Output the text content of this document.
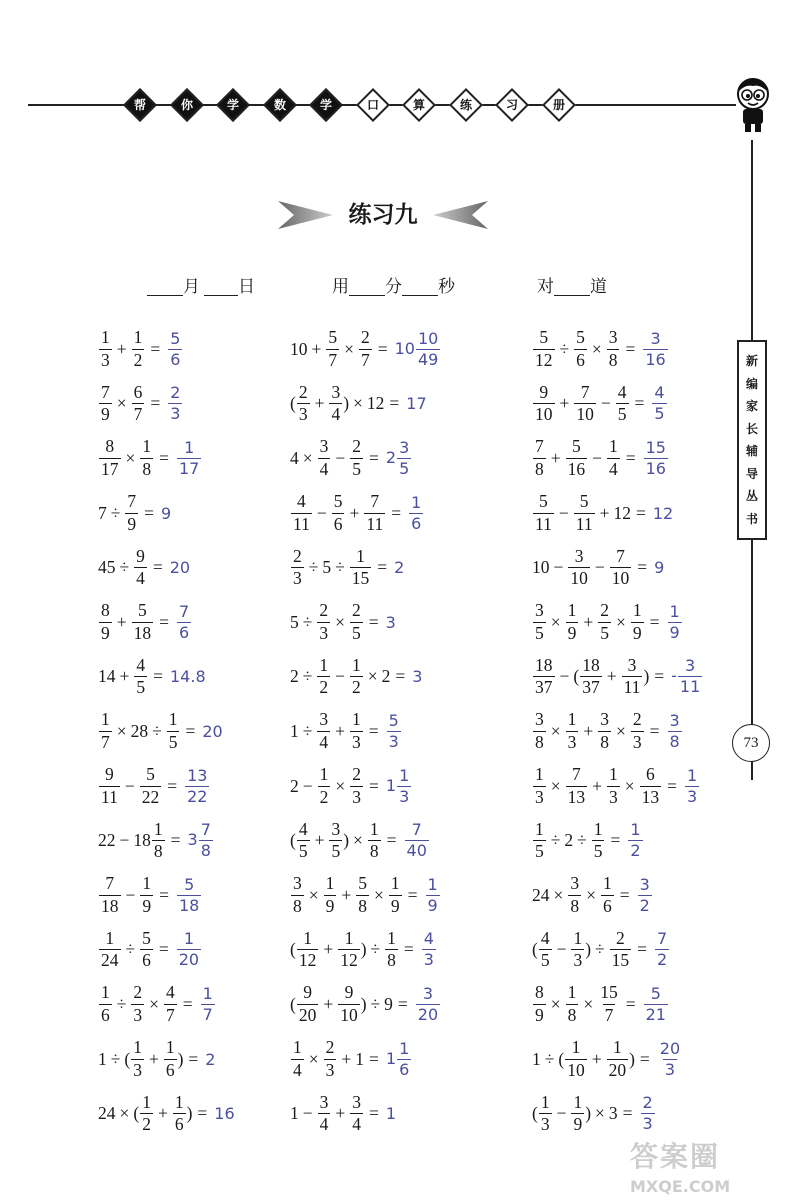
帮	你	学	数	学	口	算	练	习	册
新
编
家
长
辅
导
丛
书
73
练习九
月 日	用 分 秒	对 道
$\frac{1}{3} + \frac{1}{2} = \frac{5}{6}$
$\frac{7}{9} \times \frac{6}{7} = \frac{2}{3}$
$\frac{8}{17} \times \frac{1}{8} = \frac{1}{17}$
$7 \div \frac{7}{9} = 9$
$45 \div \frac{9}{4} = 20$
$\frac{8}{9} + \frac{5}{18} = \frac{7}{6}$
$14 + \frac{4}{5} = 14.8$
$\frac{1}{7} \times 28 \div \frac{1}{5} = 20$
$\frac{9}{11} - \frac{5}{22} = \frac{13}{22}$
$22 - 18 \frac{1}{8} = 3 \frac{7}{8}$
$\frac{7}{18} - \frac{1}{9} = \frac{5}{18}$
$\frac{1}{24} \div \frac{5}{6} = \frac{1}{20}$
$\frac{1}{6} \div \frac{2}{3} \times \frac{4}{7} = \frac{1}{7}$
1 ÷ ( $\frac{1}{3} + \frac{1}{6}$ ) = 2
24 × ( $\frac{1}{2} + \frac{1}{6}$ ) = 16
$10 + \frac{5}{7} \times \frac{2}{7} = 10 \frac{10}{49}$
( $\frac{2}{3} + \frac{3}{4}$ ) × 12 = 17
$4 \times \frac{3}{4} - \frac{2}{5} = 2 \frac{3}{5}$
$\frac{4}{11} - \frac{5}{6} + \frac{7}{11} = \frac{1}{6}$
$\frac{2}{3} \div 5 \div \frac{1}{15} = 2$
$5 \div \frac{2}{3} \times \frac{2}{5} = 3$
$2 \div \frac{1}{2} - \frac{1}{2} \times 2 = 3$
$1 \div \frac{3}{4} + \frac{1}{3} = \frac{5}{3}$
$2 - \frac{1}{2} \times \frac{2}{3} = 1 \frac{1}{3}$
( $\frac{4}{5} + \frac{3}{5}$ ) × $\frac{1}{8} = \frac{7}{40}$
$\frac{3}{8} \times \frac{1}{9} + \frac{5}{8} \times \frac{1}{9} = \frac{1}{9}$
( $\frac{1}{12} + \frac{1}{12}$ ) ÷ $\frac{1}{8} = \frac{4}{3}$
( $\frac{9}{20} + \frac{9}{10}$ ) ÷ $9 = \frac{3}{20}$
$\frac{1}{4} \times \frac{2}{3} + 1 = 1 \frac{1}{6}$
$1 - \frac{3}{4} + \frac{3}{4} = 1$
$\frac{5}{12} \div \frac{5}{6} \times \frac{3}{8} = \frac{3}{16}$
$\frac{9}{10} + \frac{7}{10} - \frac{4}{5} = \frac{4}{5}$
$\frac{7}{8} + \frac{5}{16} - \frac{1}{4} = \frac{15}{16}$
$\frac{5}{11} - \frac{5}{11} + 12 = 12$
$10 - \frac{3}{10} - \frac{7}{10} = 9$
$\frac{3}{5} \times \frac{1}{9} + \frac{2}{5} \times \frac{1}{9} = \frac{1}{9}$
$\frac{18}{37}$ − ( $\frac{18}{37} + \frac{3}{11}$ ) = - $\frac{3}{11}$
$\frac{3}{8} \times \frac{1}{3} + \frac{3}{8} \times \frac{2}{3} = \frac{3}{8}$
$\frac{1}{3} \times \frac{7}{13} + \frac{1}{3} \times \frac{6}{13} = \frac{1}{3}$
$\frac{1}{5} \div 2 \div \frac{1}{5} = \frac{1}{2}$
$24 \times \frac{3}{8} \times \frac{1}{6} = \frac{3}{2}$
( $\frac{4}{5} - \frac{1}{3}$ ) ÷ $\frac{2}{15} = \frac{7}{2}$
$\frac{8}{9} \times \frac{1}{8} \times \frac{15}{7} = \frac{5}{21}$
1 ÷ ( $\frac{1}{10} + \frac{1}{20}$ ) = $\frac{20}{3}$
( $\frac{1}{3} - \frac{1}{9}$ ) × $3 = \frac{2}{3}$
答案圈
MXQE.COM
